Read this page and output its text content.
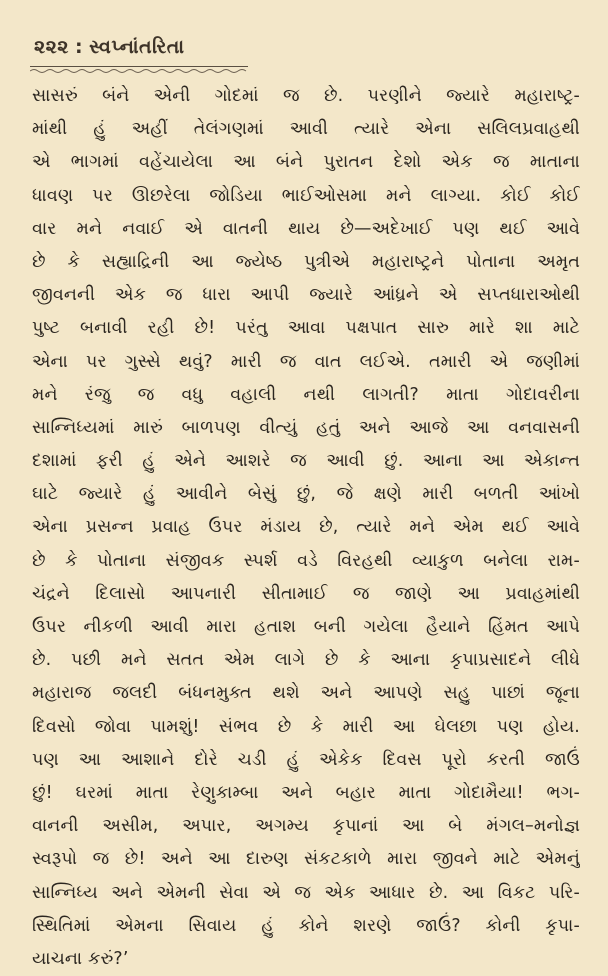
૨૨૨ : સ્વપ્નાંતરિતા
સાસરું બંને એની ગોદમાં જ છે. પરણીને જ્યારે મહારાષ્ટ્ર-
માંથી હું અહીં તેલંગણમાં આવી ત્યારે એના સલિલપ્રવાહથી
એ ભાગમાં વહેંચાયેલા આ બંને પુરાતન દેશો એક જ માતાના
ધાવણ પર ઊછરેલા જોડિયા ભાઈઓસમા મને લાગ્યા. કોઈ કોઈ
વાર મને નવાઈ એ વાતની થાય છે—અદેખાઈ પણ થઈ આવે
છે કે સહ્યાદ્રિની આ જ્યેષ્ઠ પુત્રીએ મહારાષ્ટ્રને પોતાના અમૃત
જીવનની એક જ ધારા આપી જ્યારે આંધ્રને એ સપ્તધારાઓથી
પુષ્ટ બનાવી રહી છે! પરંતુ આવા પક્ષપાત સારુ મારે શા માટે
એના પર ગુસ્સે થવું? મારી જ વાત લઈએ. તમારી એ જણીમાં
મને રંજુ જ વધુ વહાલી નથી લાગતી? માતા ગોદાવરીના
સાન્નિધ્યમાં મારું બાળપણ વીત્યું હતું અને આજે આ વનવાસની
દશામાં ફરી હું એને આશરે જ આવી છું. આના આ એકાન્ત
ઘાટે જ્યારે હું આવીને બેસું છું, જે ક્ષણે મારી બળતી આંખો
એના પ્રસન્ન પ્રવાહ ઉપર મંડાય છે, ત્યારે મને એમ થઈ આવે
છે કે પોતાના સંજીવક સ્પર્શ વડે વિરહથી વ્યાકુળ બનેલા રામ-
ચંદ્રને દિલાસો આપનારી સીતામાઈ જ જાણે આ પ્રવાહમાંથી
ઉપર નીકળી આવી મારા હતાશ બની ગયેલા હૈયાને હિંમત આપે
છે. પછી મને સતત એમ લાગે છે કે આના કૃપાપ્રસાદને લીધે
મહારાજ જલદી બંધનમુક્ત થશે અને આપણે સહુ પાછાં જૂના
દિવસો જોવા પામશું! સંભવ છે કે મારી આ ઘેલછા પણ હોય.
પણ આ આશાને દોરે ચડી હું એકેક દિવસ પૂરો કરતી જાઉં
છું! ઘરમાં માતા રેણુકામ્બા અને બહાર માતા ગોદામૈયા! ભગ-
વાનની અસીમ, અપાર, અગમ્ય કૃપાનાં આ બે મંગલ–મનોજ્ઞ
સ્વરૂપો જ છે! અને આ દારુણ સંકટકાળે મારા જીવને માટે એમનું
સાન્નિધ્ય અને એમની સેવા એ જ એક આધાર છે. આ વિકટ પરિ-
સ્થિતિમાં એમના સિવાય હું કોને શરણે જાઉં? કોની કૃપા-
યાચના કરું?’
